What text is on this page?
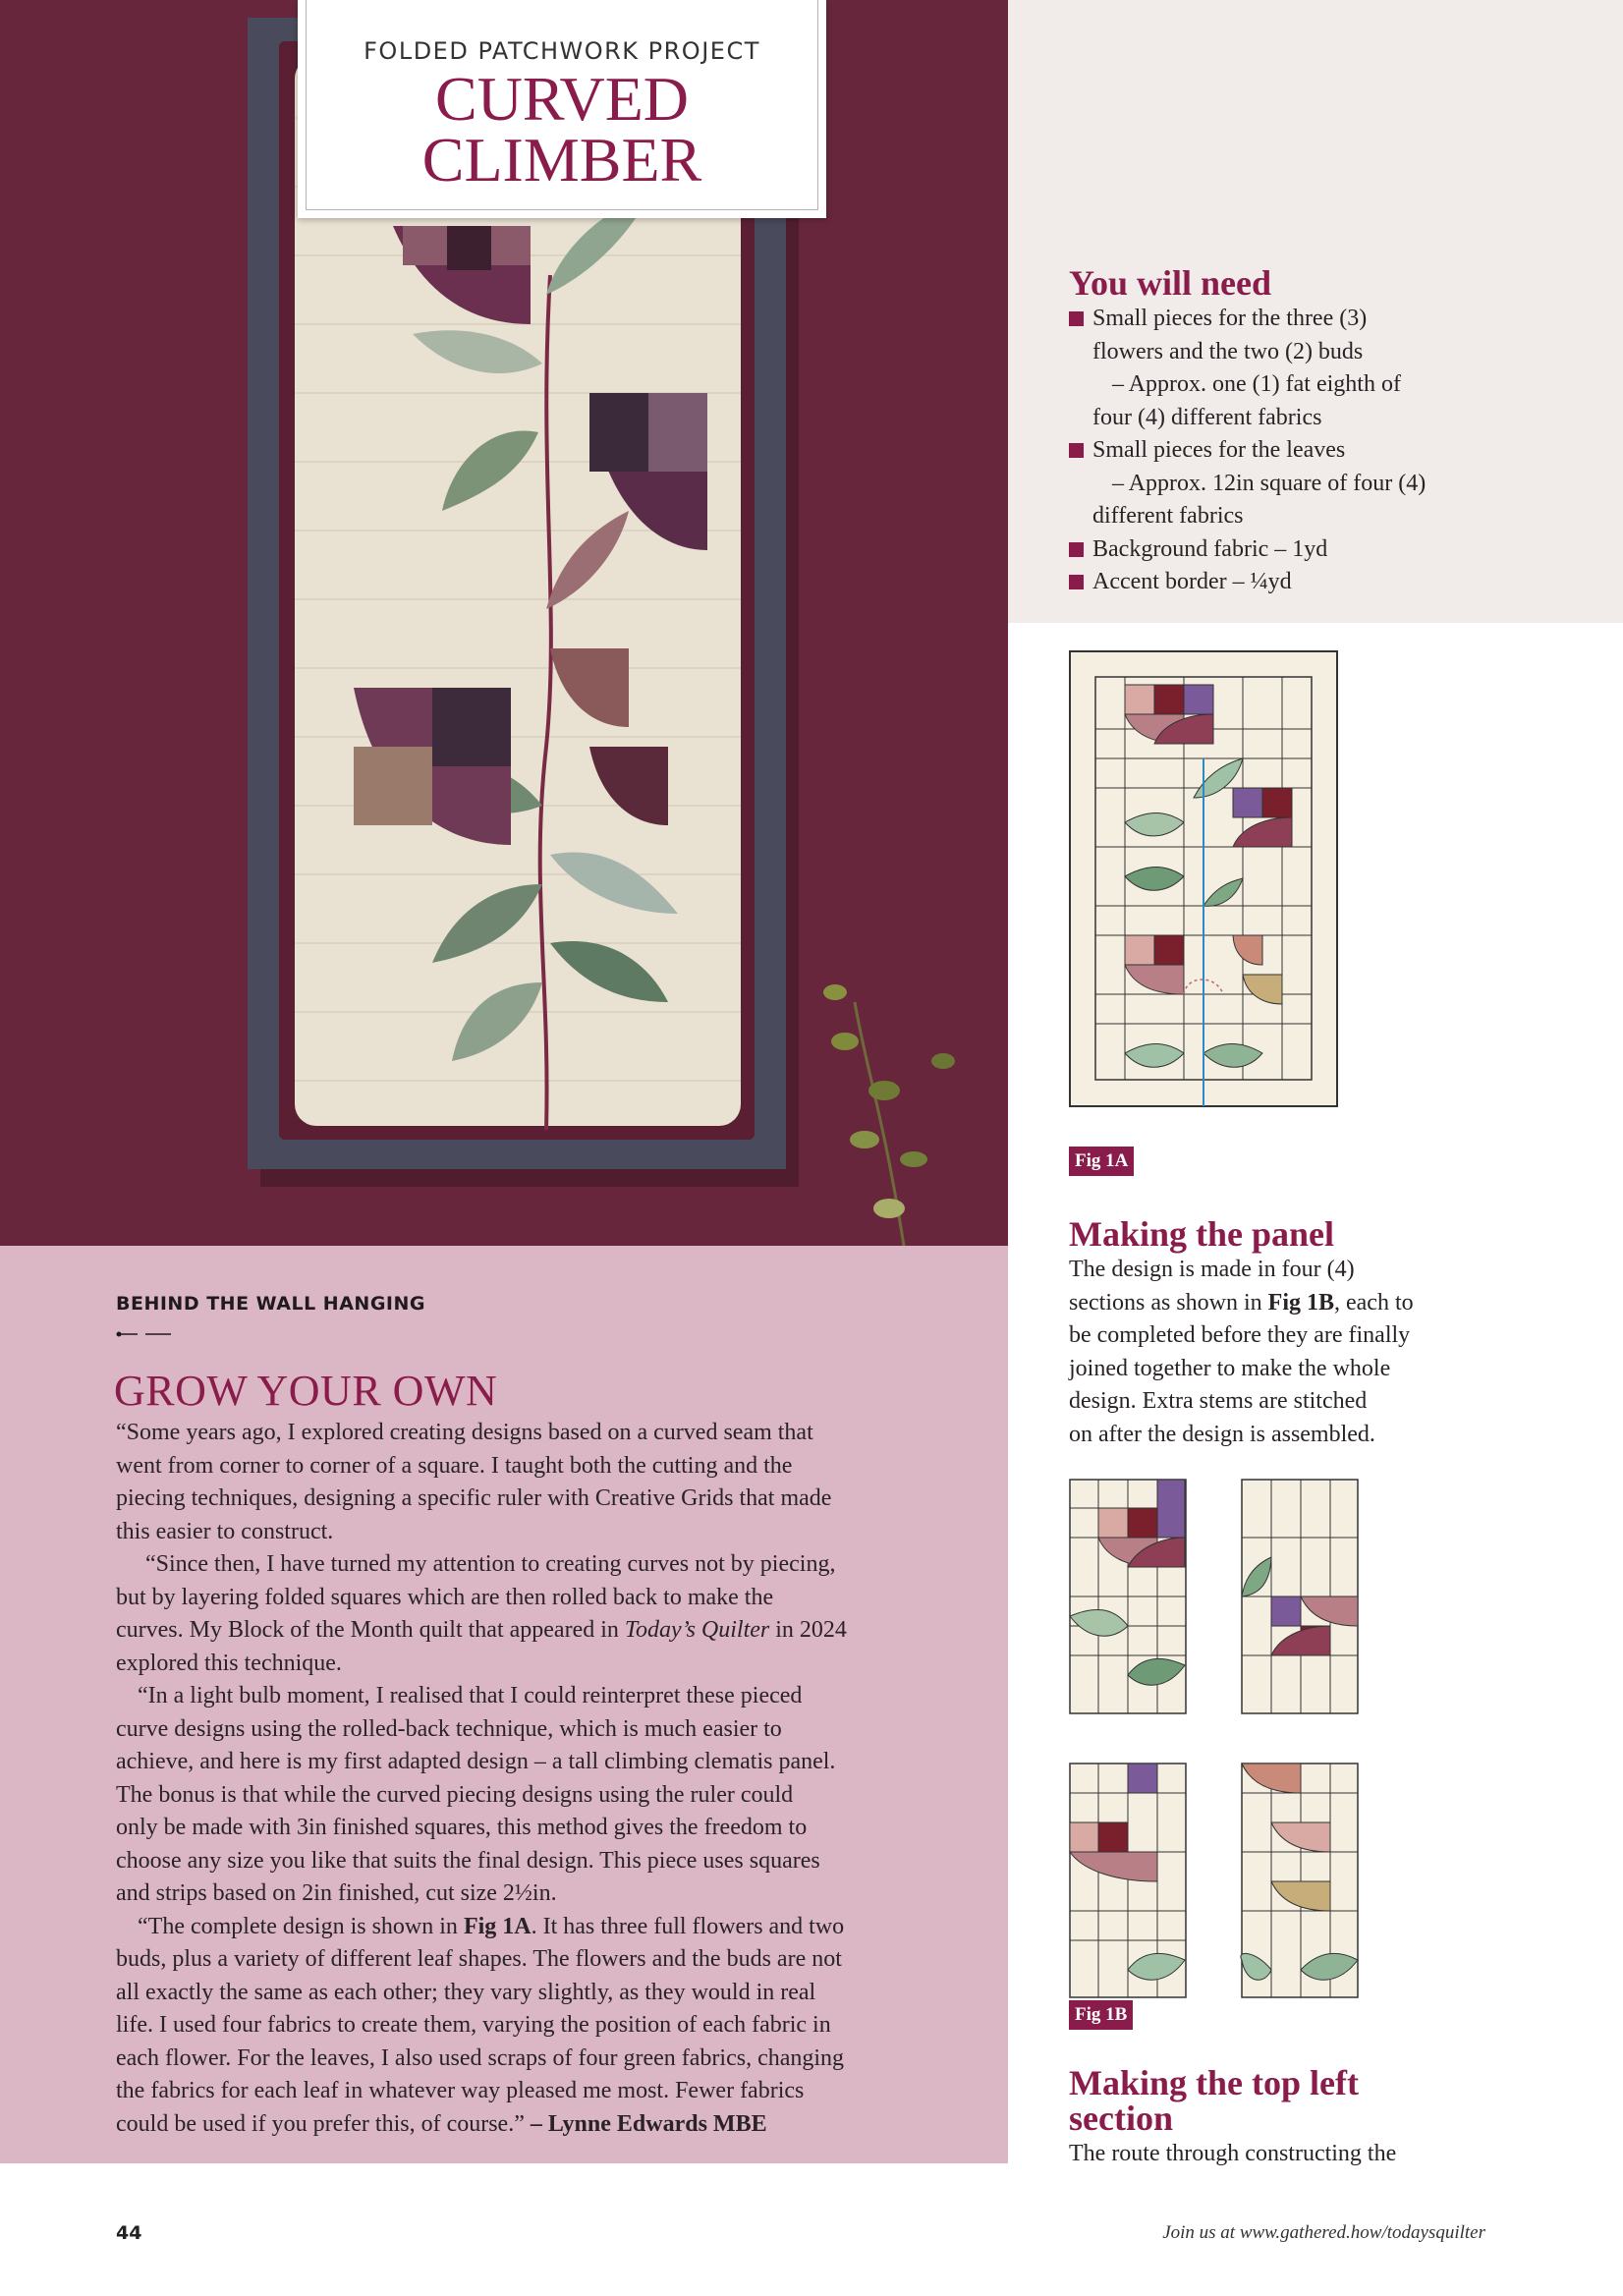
FOLDED PATCHWORK PROJECT
CURVED
CLIMBER
You will need
Small pieces for the three (3)
flowers and the two (2) buds
– Approx. one (1) fat eighth of
four (4) different fabrics
Small pieces for the leaves
– Approx. 12in square of four (4)
different fabrics
Background fabric – 1yd
Accent border – ¼yd
Fig 1A
Making the panel
The design is made in four (4)
sections as shown in Fig 1B, each to
be completed before they are finally
joined together to make the whole
design. Extra stems are stitched
on after the design is assembled.
Fig 1B
Making the top left
section
The route through constructing the
BEHIND THE WALL HANGING
GROW YOUR OWN
“Some years ago, I explored creating designs based on a curved seam that
went from corner to corner of a square. I taught both the cutting and the
piecing techniques, designing a specific ruler with Creative Grids that made
this easier to construct.
“Since then, I have turned my attention to creating curves not by piecing,
but by layering folded squares which are then rolled back to make the
curves. My Block of the Month quilt that appeared in Today’s Quilter in 2024
explored this technique.
“In a light bulb moment, I realised that I could reinterpret these pieced
curve designs using the rolled-back technique, which is much easier to
achieve, and here is my first adapted design – a tall climbing clematis panel.
The bonus is that while the curved piecing designs using the ruler could
only be made with 3in finished squares, this method gives the freedom to
choose any size you like that suits the final design. This piece uses squares
and strips based on 2in finished, cut size 2½in.
“The complete design is shown in Fig 1A. It has three full flowers and two
buds, plus a variety of different leaf shapes. The flowers and the buds are not
all exactly the same as each other; they vary slightly, as they would in real
life. I used four fabrics to create them, varying the position of each fabric in
each flower. For the leaves, I also used scraps of four green fabrics, changing
the fabrics for each leaf in whatever way pleased me most. Fewer fabrics
could be used if you prefer this, of course.” – Lynne Edwards MBE
44	Join us at www.gathered.how/todaysquilter
